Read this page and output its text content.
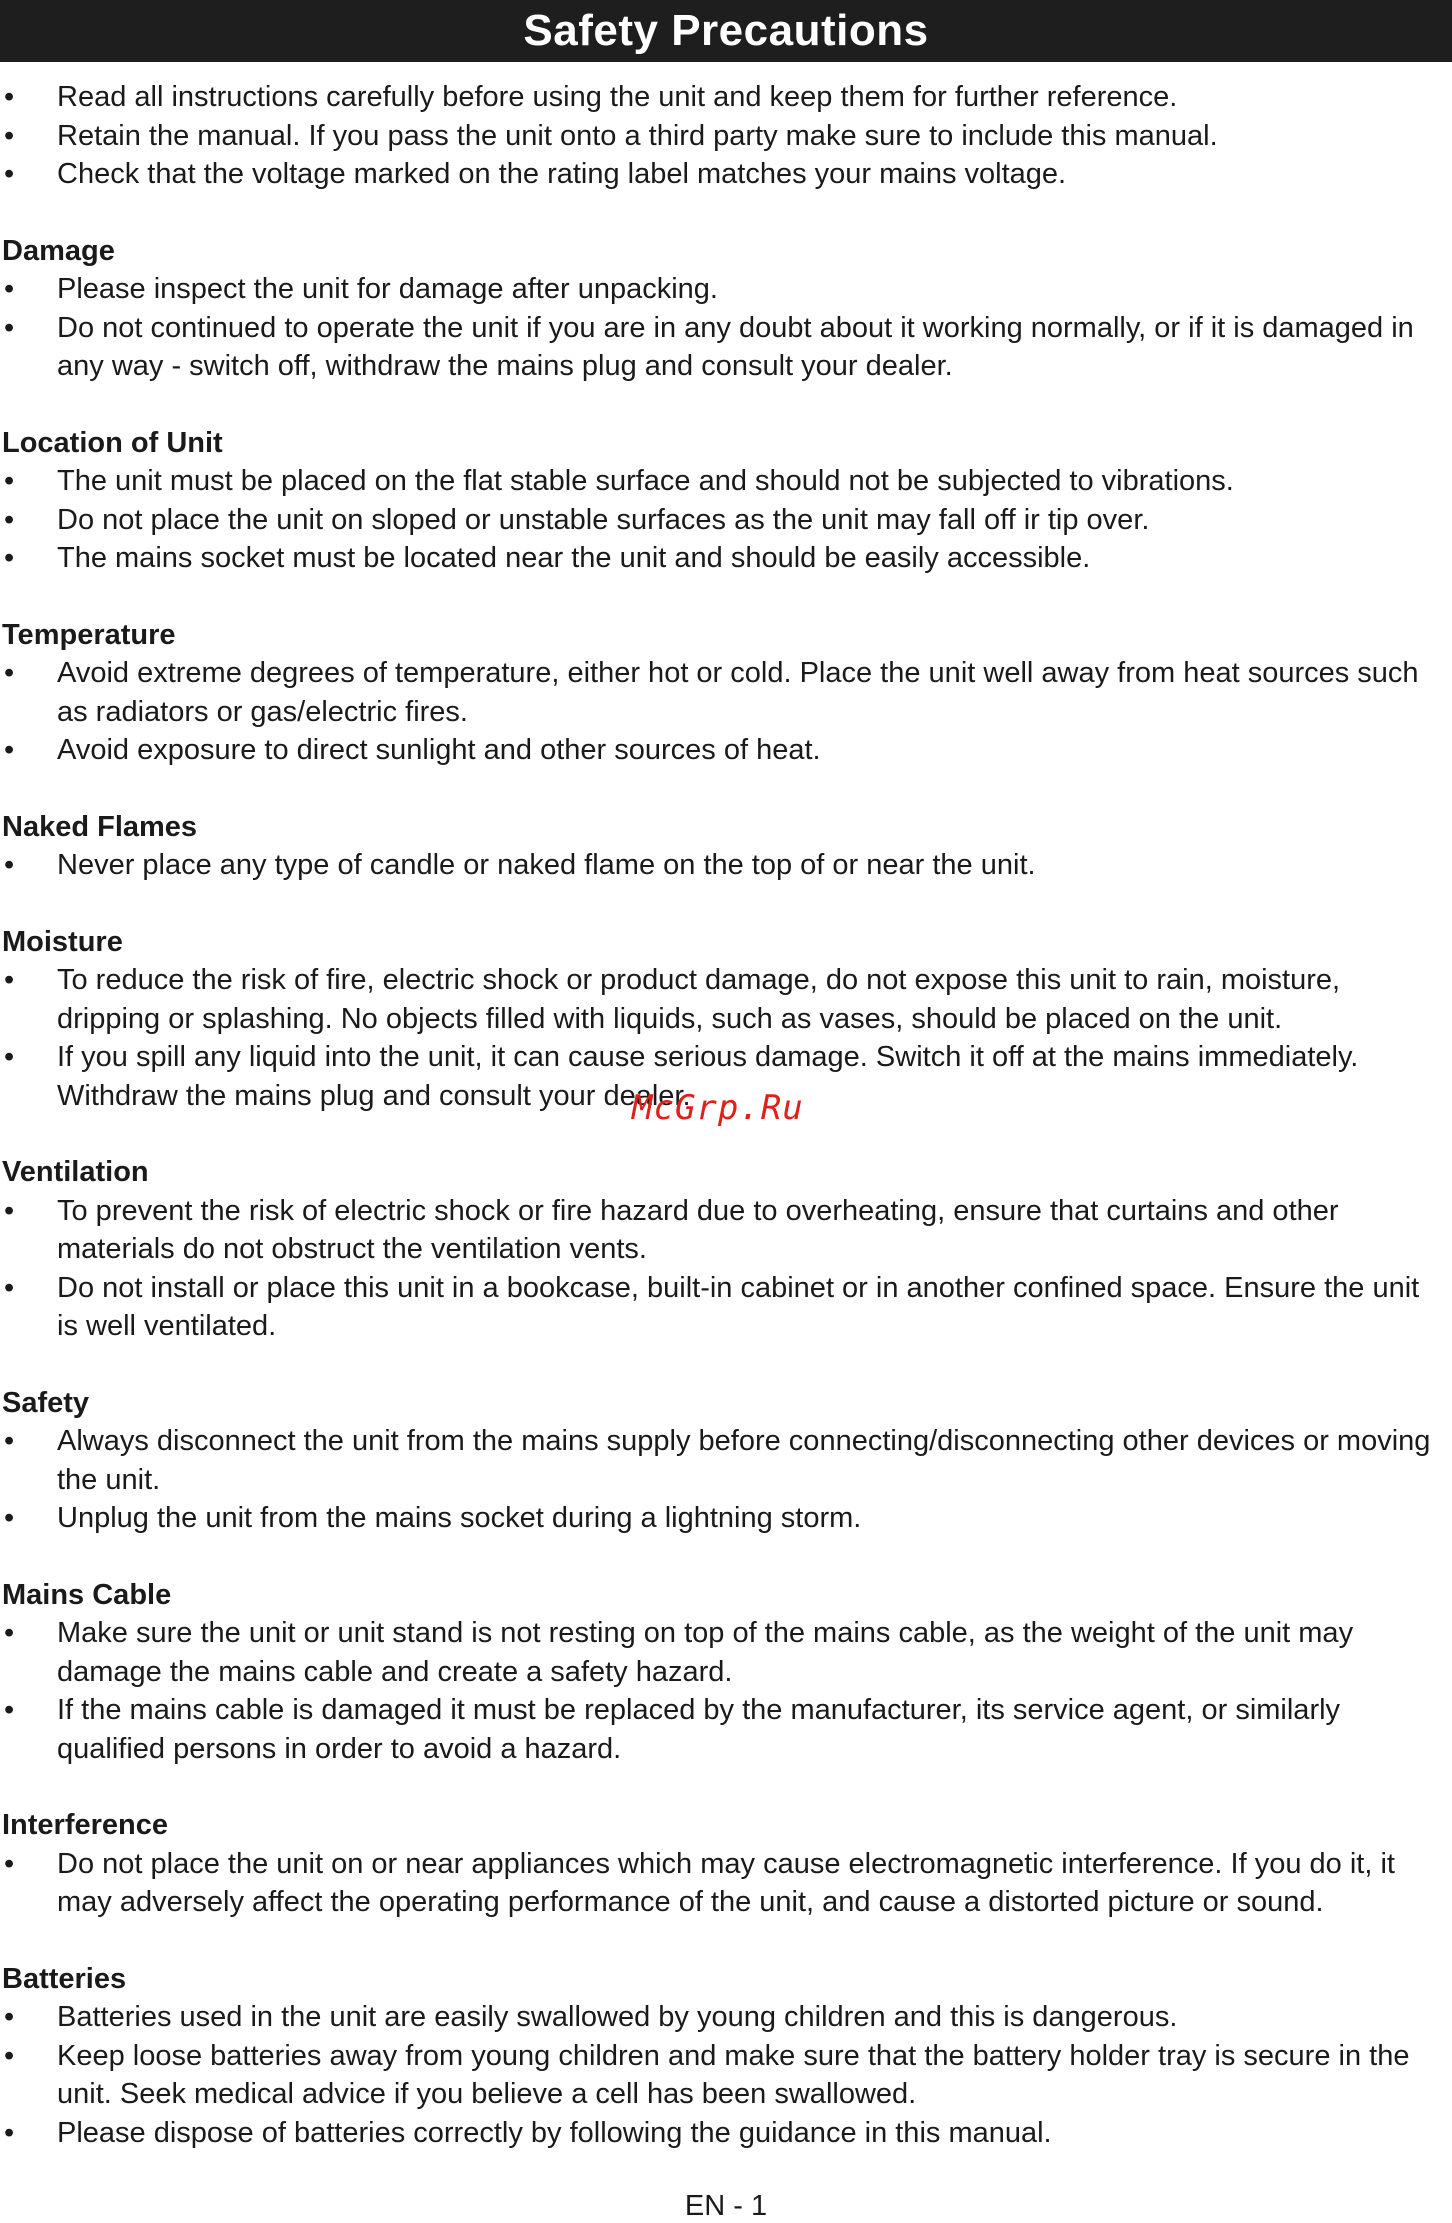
Safety Precautions
•	Read all instructions carefully before using the unit and keep them for further reference.
•	Retain the manual. If you pass the unit onto a third party make sure to include this manual.
•	Check that the voltage marked on the rating label matches your mains voltage.
Damage
•	Please inspect the unit for damage after unpacking.
•	Do not continued to operate the unit if you are in any doubt about it working normally, or if it is damaged in any way - switch off, withdraw the mains plug and consult your dealer.
Location of Unit
•	The unit must be placed on the flat stable surface and should not be subjected to vibrations.
•	Do not place the unit on sloped or unstable surfaces as the unit may fall off ir tip over.
•	The mains socket must be located near the unit and should be easily accessible.
Temperature
•	Avoid extreme degrees of temperature, either hot or cold. Place the unit well away from heat sources such as radiators or gas/electric fires.
•	Avoid exposure to direct sunlight and other sources of heat.
Naked Flames
•	Never place any type of candle or naked flame on the top of or near the unit.
Moisture
•	To reduce the risk of fire, electric shock or product damage, do not expose this unit to rain, moisture, dripping or splashing. No objects filled with liquids, such as vases, should be placed on the unit.
•	If you spill any liquid into the unit, it can cause serious damage. Switch it off at the mains immediately. Withdraw the mains plug and consult your dealer.
Ventilation
•	To prevent the risk of electric shock or fire hazard due to overheating, ensure that curtains and other materials do not obstruct the ventilation vents.
•	Do not install or place this unit in a bookcase, built-in cabinet or in another confined space. Ensure the unit is well ventilated.
Safety
•	Always disconnect the unit from the mains supply before connecting/disconnecting other devices or moving the unit.
•	Unplug the unit from the mains socket during a lightning storm.
Mains Cable
•	Make sure the unit or unit stand is not resting on top of the mains cable, as the weight of the unit may damage the mains cable and create a safety hazard.
•	If the mains cable is damaged it must be replaced by the manufacturer, its service agent, or similarly qualified persons in order to avoid a hazard.
Interference
•	Do not place the unit on or near appliances which may cause electromagnetic interference. If you do it, it may adversely affect the operating performance of the unit, and cause a distorted picture or sound.
Batteries
•	Batteries used in the unit are easily swallowed by young children and this is dangerous.
•	Keep loose batteries away from young children and make sure that the battery holder tray is secure in the unit. Seek medical advice if you believe a cell has been swallowed.
•	Please dispose of batteries correctly by following the guidance in this manual.
McGrp.Ru
EN - 1
